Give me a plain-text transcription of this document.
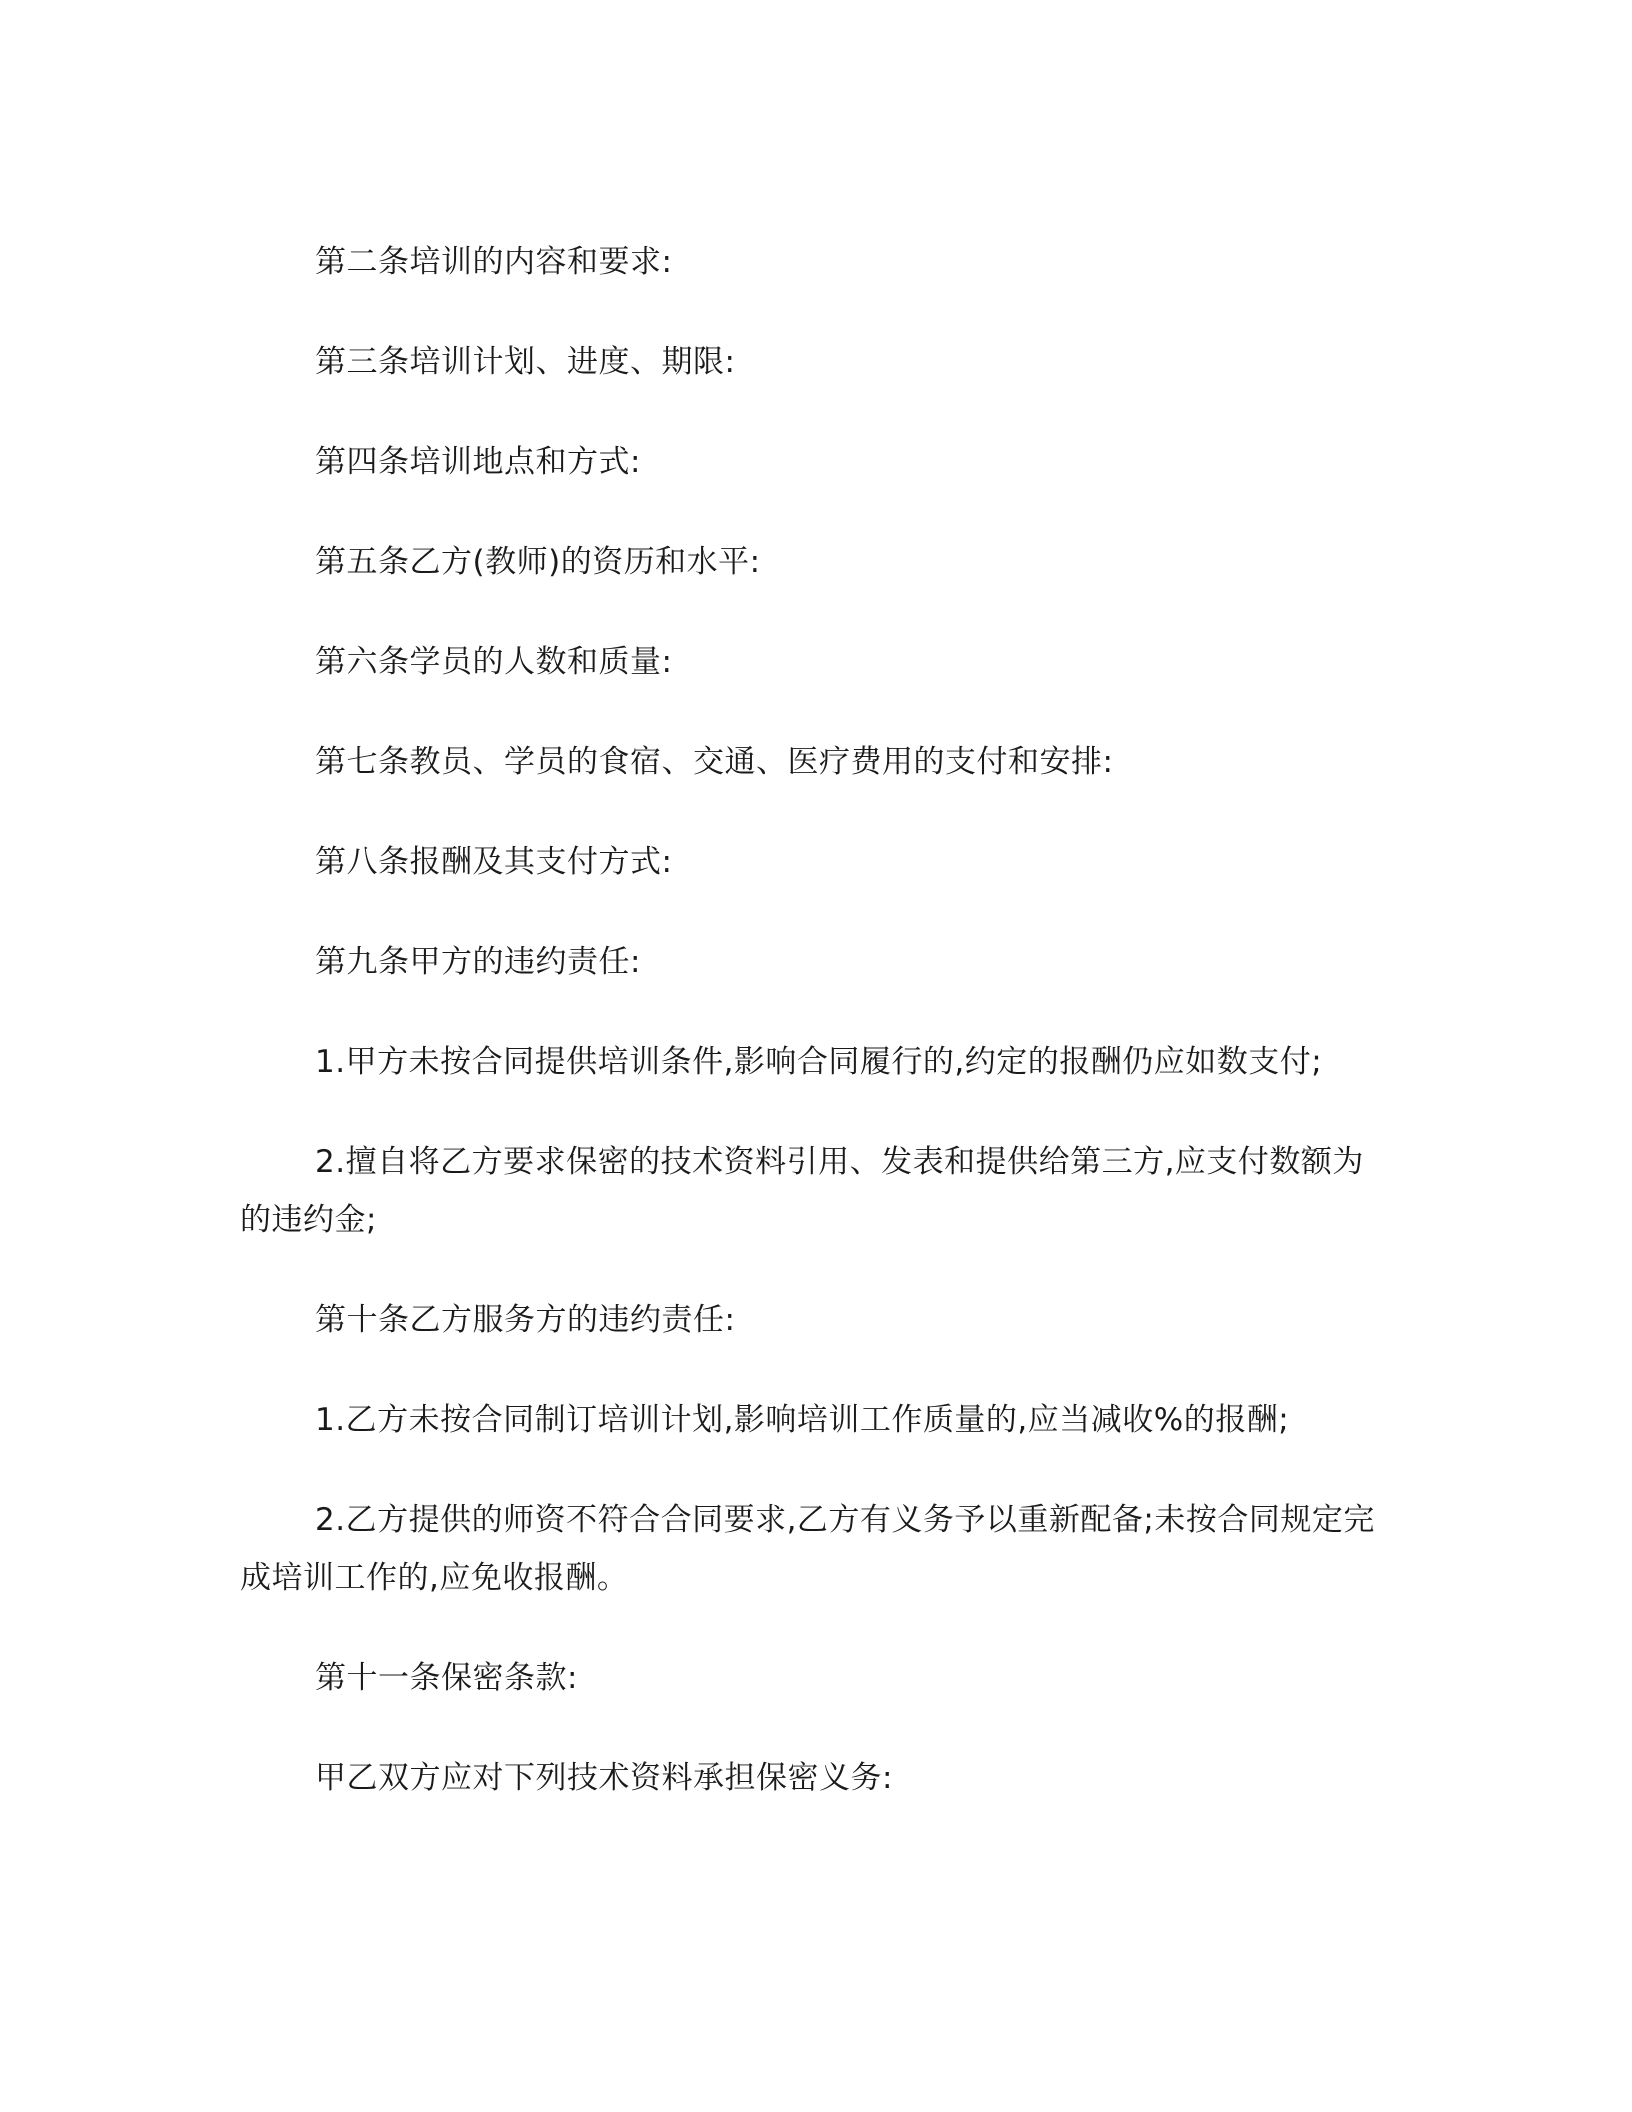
第二条培训的内容和要求:

第三条培训计划、进度、期限:

第四条培训地点和方式:

第五条乙方(教师)的资历和水平:

第六条学员的人数和质量:

第七条教员、学员的食宿、交通、医疗费用的支付和安排:

第八条报酬及其支付方式:

第九条甲方的违约责任:

1.甲方未按合同提供培训条件,影响合同履行的,约定的报酬仍应如数支付;

2.擅自将乙方要求保密的技术资料引用、发表和提供给第三方,应支付数额为的违约金;

第十条乙方服务方的违约责任:

1.乙方未按合同制订培训计划,影响培训工作质量的,应当减收%的报酬;

2.乙方提供的师资不符合合同要求,乙方有义务予以重新配备;未按合同规定完成培训工作的,应免收报酬。

第十一条保密条款:

甲乙双方应对下列技术资料承担保密义务:
